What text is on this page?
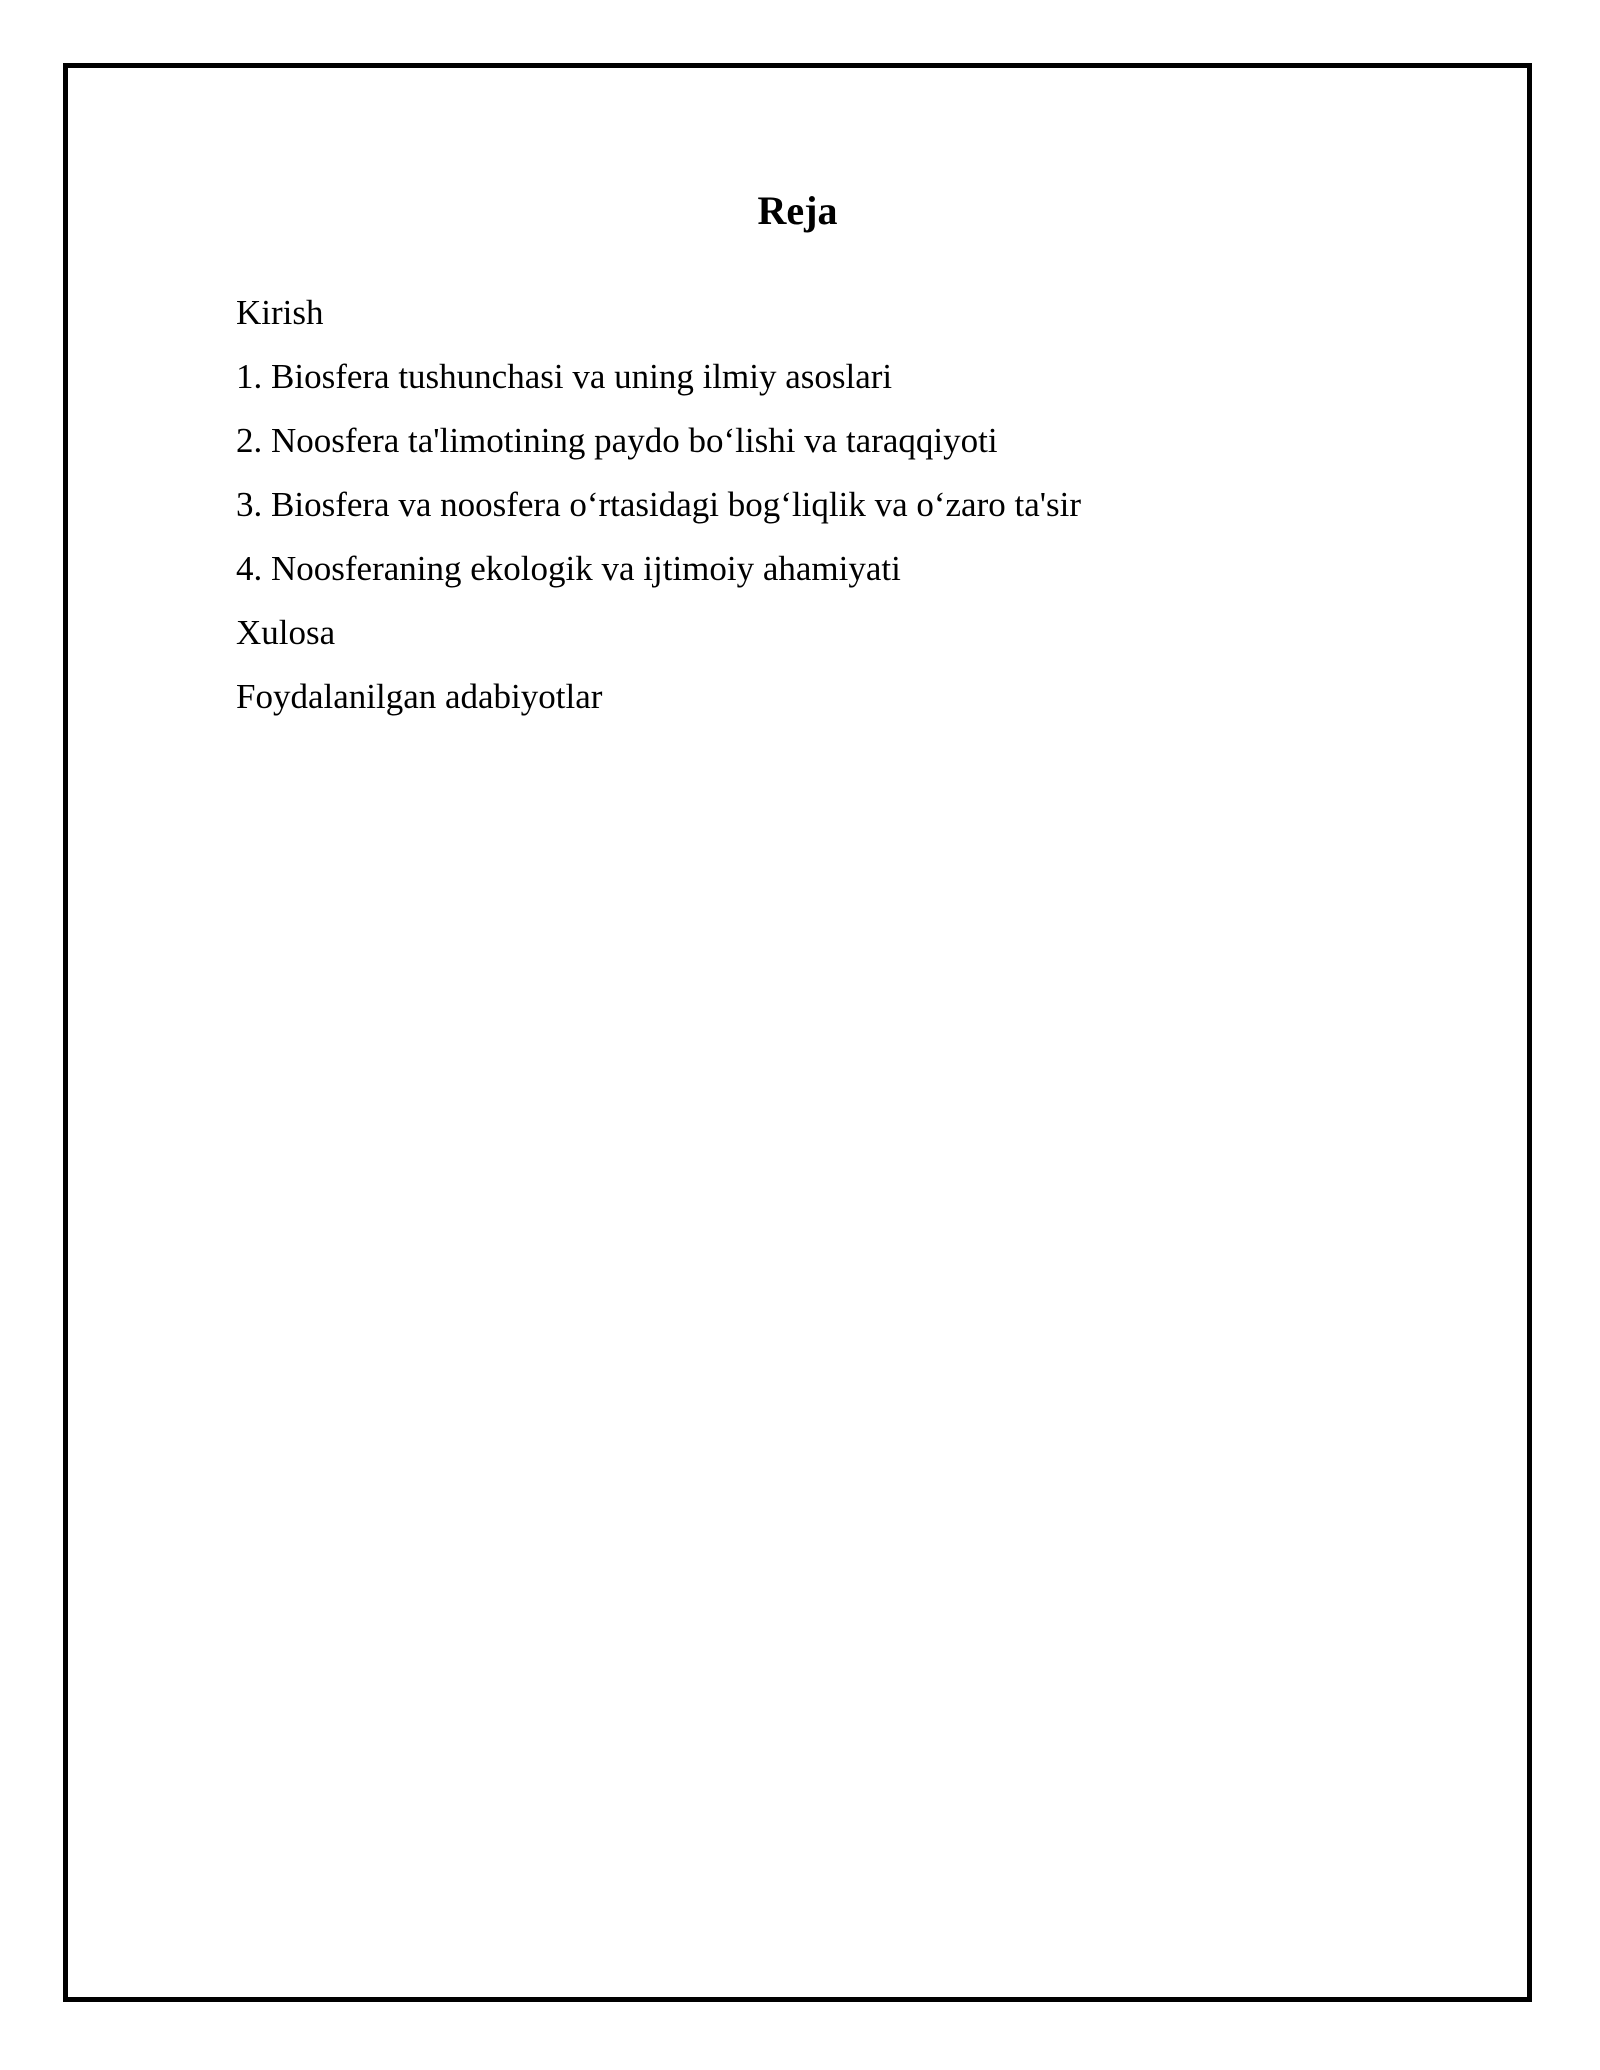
Reja
Kirish
1. Biosfera tushunchasi va uning ilmiy asoslari
2. Noosfera ta'limotining paydo bo‘lishi va taraqqiyoti
3. Biosfera va noosfera o‘rtasidagi bog‘liqlik va o‘zaro ta'sir
4. Noosferaning ekologik va ijtimoiy ahamiyati
Xulosa
Foydalanilgan adabiyotlar
